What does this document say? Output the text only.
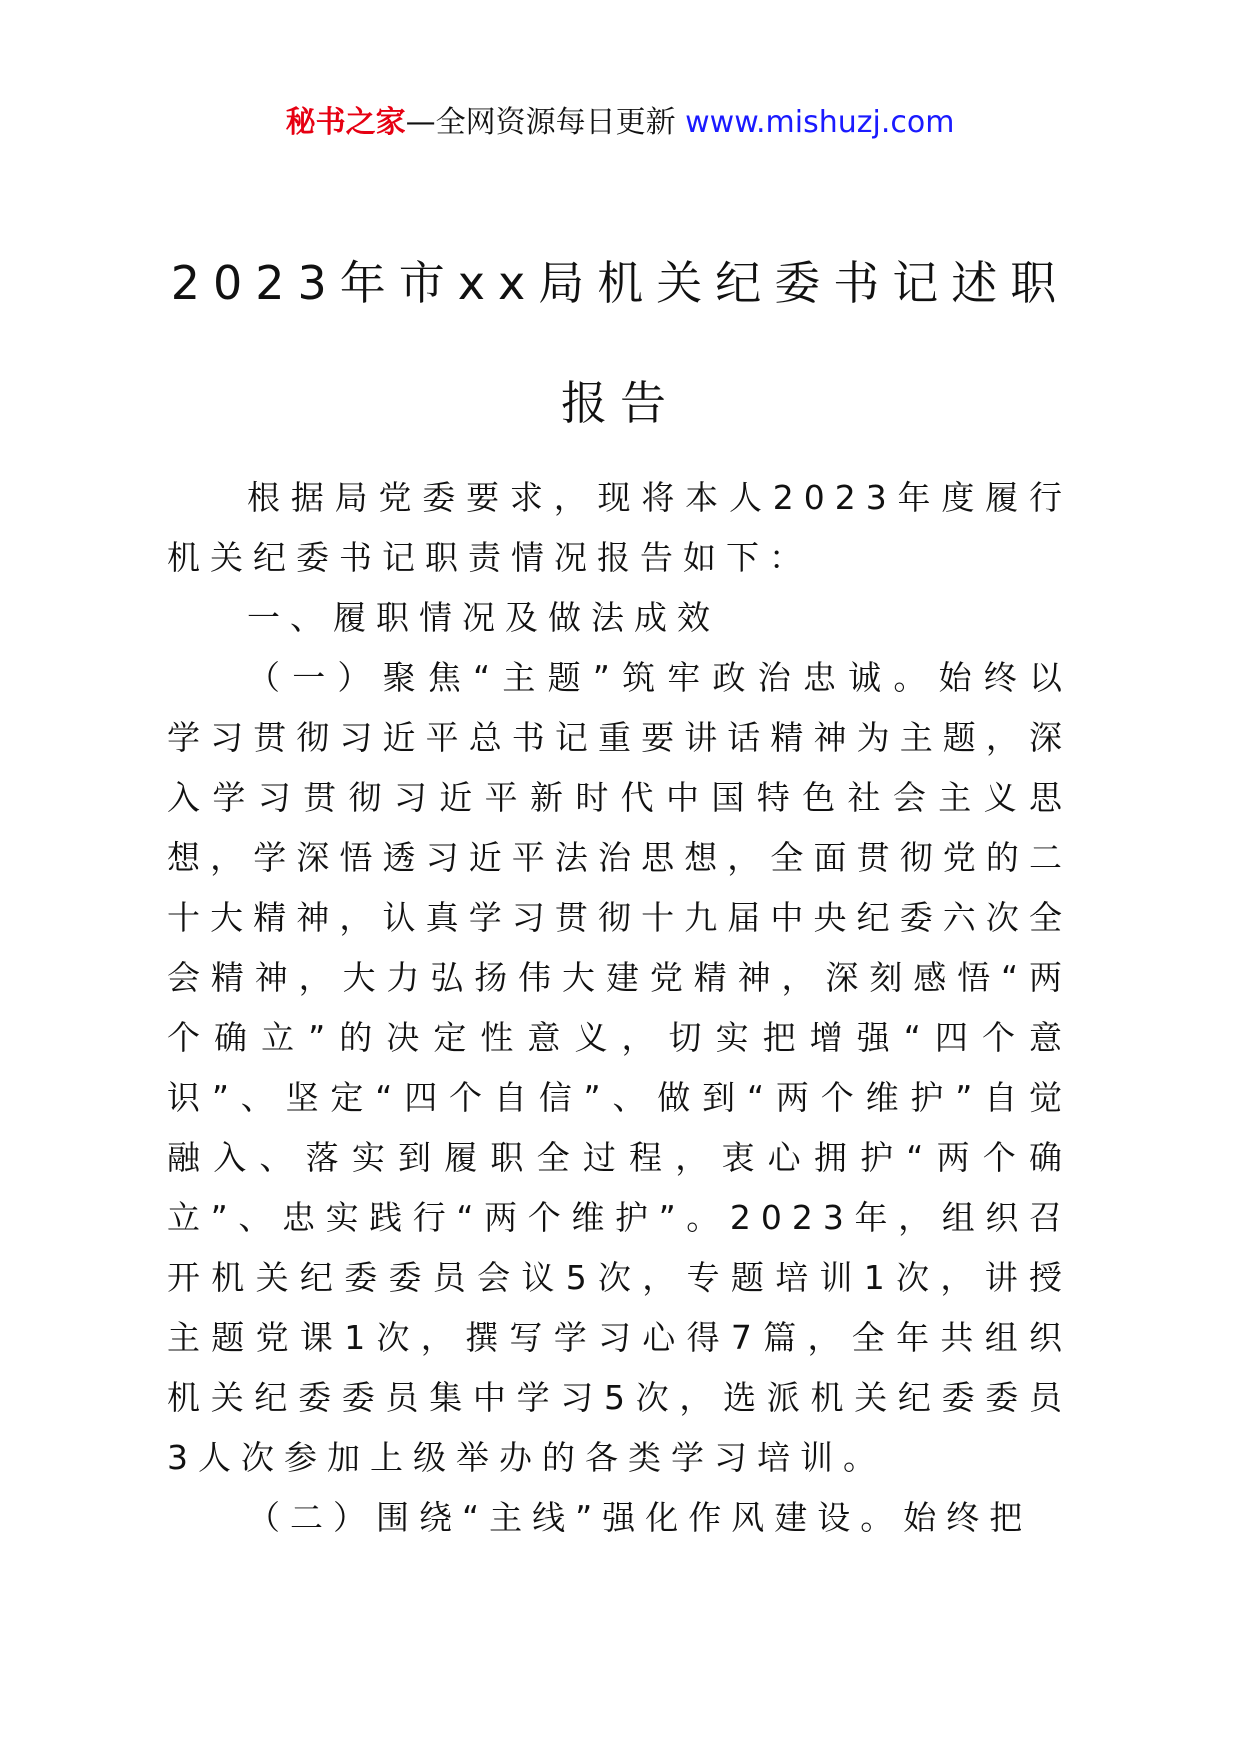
秘书之家—全网资源每日更新 www.mishuzj.com
2023年市xx局机关纪委书记述职
报告

根据局党委要求，现将本人2023年度履行机关纪委书记职责情况报告如下：

一、履职情况及做法成效

（一）聚焦“主题”筑牢政治忠诚。始终以学习贯彻习近平总书记重要讲话精神为主题，深入学习贯彻习近平新时代中国特色社会主义思想，学深悟透习近平法治思想，全面贯彻党的二十大精神，认真学习贯彻十九届中央纪委六次全会精神，大力弘扬伟大建党精神，深刻感悟“两个确立”的决定性意义，切实把增强“四个意识”、坚定“四个自信”、做到“两个维护”自觉融入、落实到履职全过程，衷心拥护“两个确立”、忠实践行“两个维护”。2023年，组织召开机关纪委委员会议5次，专题培训1次，讲授主题党课1次，撰写学习心得7篇，全年共组织机关纪委委员集中学习5次，选派机关纪委委员3人次参加上级举办的各类学习培训。

（二）围绕“主线”强化作风建设。始终把
